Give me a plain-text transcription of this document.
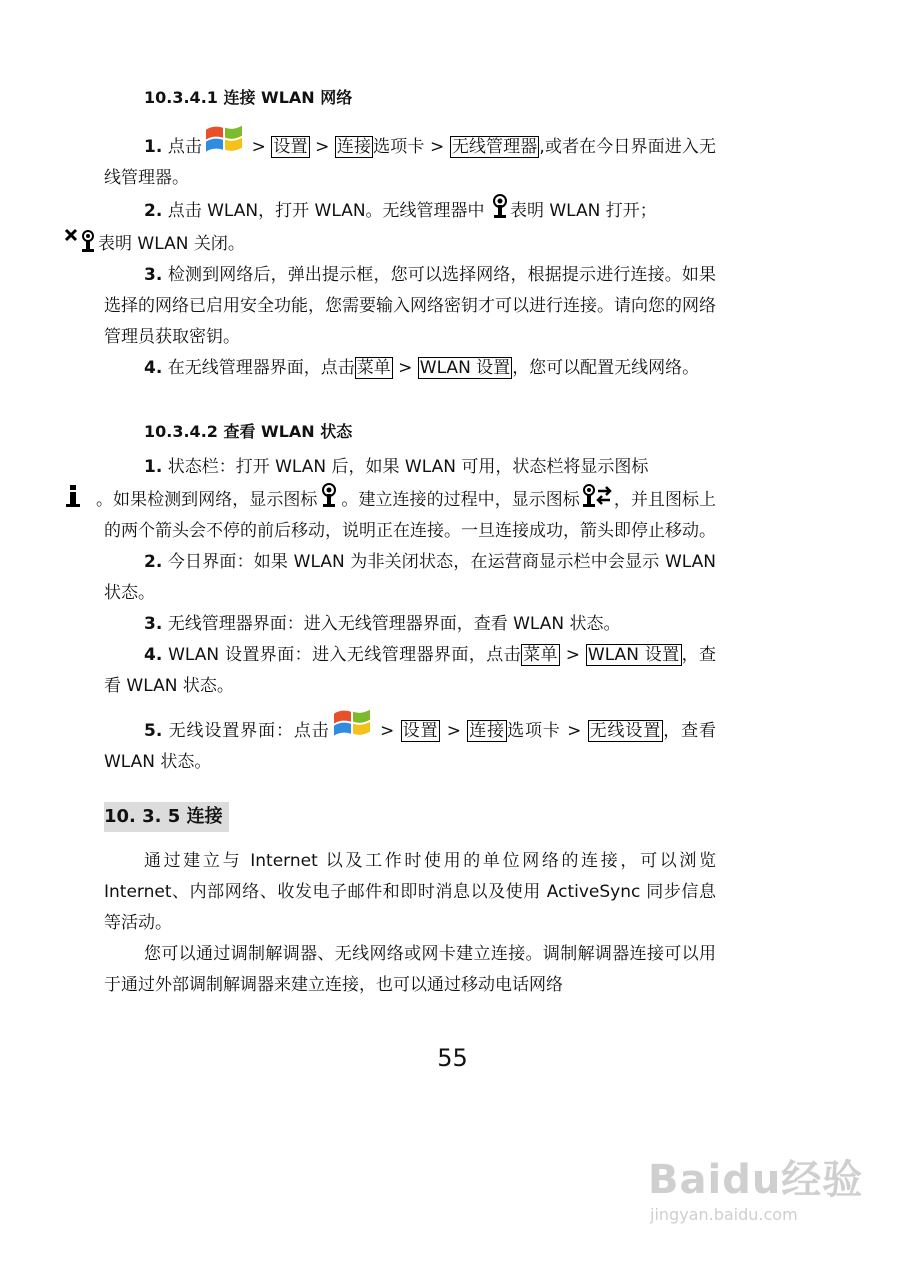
10.3.4.1 连接 WLAN 网络

1. 点击	> 设置 > 连接 选项卡 > 无线管理器 ,或者在今日界面进入无线管理器。

2. 点击 WLAN，打开 WLAN。无线管理器中 表明 WLAN 打开；
表明 WLAN 关闭。

3. 检测到网络后，弹出提示框，您可以选择网络，根据提示进行连接。如果选择的网络已启用安全功能，您需要输入网络密钥才可以进行连接。请向您的网络管理员获取密钥。

4. 在无线管理器界面，点击 菜单 > WLAN 设置 ，您可以配置无线网络。

10.3.4.2 查看 WLAN 状态

1. 状态栏：打开 WLAN 后，如果 WLAN 可用，状态栏将显示图标
。如果检测到网络，显示图标 。建立连接的过程中，显示图标 ，并且图标上的两个箭头会不停的前后移动，说明正在连接。一旦连接成功，箭头即停止移动。

2. 今日界面：如果 WLAN 为非关闭状态，在运营商显示栏中会显示 WLAN 状态。

3. 无线管理器界面：进入无线管理器界面，查看 WLAN 状态。

4. WLAN 设置界面：进入无线管理器界面，点击 菜单 > WLAN 设置 ，查看 WLAN 状态。

5. 无线设置界面：点击	> 设置 > 连接 选项卡 > 无线设置 ，查看 WLAN 状态。

10. 3. 5 连接

通过建立与 Internet 以及工作时使用的单位网络的连接，可以浏览 Internet、内部网络、收发电子邮件和即时消息以及使用 ActiveSync 同步信息等活动。

您可以通过调制解调器、无线网络或网卡建立连接。调制解调器连接可以用于通过外部调制解调器来建立连接，也可以通过移动电话网络

55
Baidu经验
jingyan.baidu.com
